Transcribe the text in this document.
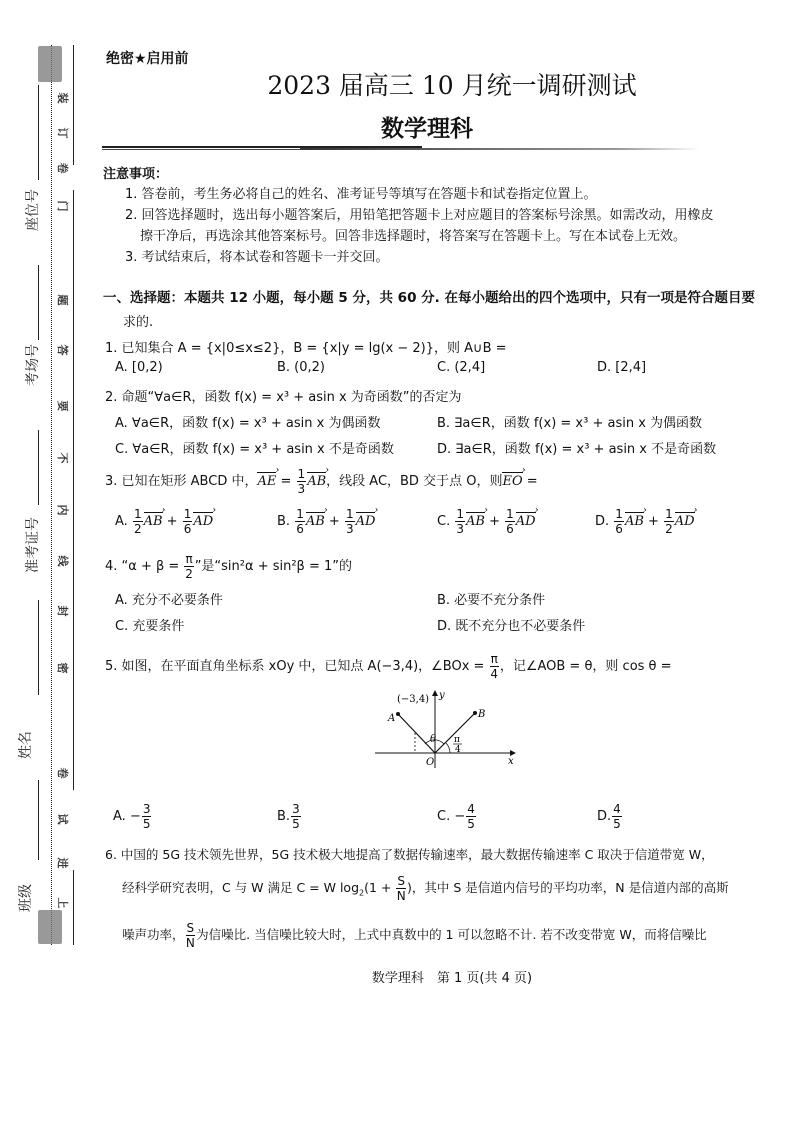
装
订
卷
门
题
答
要
不
内
线
封
密
卷
试
进
上
座位号
考场号
准考证号
姓名
班级
绝密★启用前
2023 届高三 10 月统一调研测试
数学理科
注意事项：
1. 答卷前，考生务必将自己的姓名、准考证号等填写在答题卡和试卷指定位置上。
2. 回答选择题时，选出每小题答案后，用铅笔把答题卡上对应题目的答案标号涂黑。如需改动，用橡皮
擦干净后，再选涂其他答案标号。回答非选择题时，将答案写在答题卡上。写在本试卷上无效。
3. 考试结束后，将本试卷和答题卡一并交回。
一、选择题：本题共 12 小题，每小题 5 分，共 60 分. 在每小题给出的四个选项中，只有一项是符合题目要
求的.
1. 已知集合 A = {x|0≤x≤2}，B = {x|y = lg(x − 2)}，则 A∪B =
A. [0,2)	B. (0,2)	C. (2,4]	D. [2,4]
2. 命题“∀a∈R，函数 f(x) = x³ + asin x 为奇函数”的否定为
A. ∀a∈R，函数 f(x) = x³ + asin x 为偶函数	B. ∃a∈R，函数 f(x) = x³ + asin x 为偶函数
C. ∀a∈R，函数 f(x) = x³ + asin x 不是奇函数	D. ∃a∈R，函数 f(x) = x³ + asin x 不是奇函数
3. 已知在矩形 ABCD 中，AE › = $\frac{1}{3}$ AB ›，线段 AC，BD 交于点 O，则EO › =
A. $\frac{1}{2}$ AB › + $\frac{1}{6}$ AD ›	B. $\frac{1}{6}$ AB › + $\frac{1}{3}$ AD ›	C. $\frac{1}{3}$ AB › + $\frac{1}{6}$ AD ›	D. $\frac{1}{6}$ AB › + $\frac{1}{2}$ AD ›
4. “$\alpha + \beta = \frac{\pi}{2}$ ”是“sin²α + sin²β = 1”的
A. 充分不必要条件	B. 必要不充分条件
C. 充要条件	D. 既不充分也不必要条件
5. 如图，在平面直角坐标系 xOy 中，已知点 A(−3,4)，∠BOx = $\frac{\pi}{4}$ ，记∠AOB = θ，则 cos θ =
(−3,4)
A	B
O	x
y
θ π
4
A. − $\frac{3}{5}$	B. $\frac{3}{5}$	C. − $\frac{4}{5}$	D. $\frac{4}{5}$
6. 中国的 5G 技术领先世界，5G 技术极大地提高了数据传输速率，最大数据传输速率 C 取决于信道带宽 W，
经科学研究表明，C 与 W 满足 C = W $\log_2(1 + \frac{S}{N}$ )，其中 S 是信道内信号的平均功率，N 是信道内部的高斯
噪声功率， $\frac{S}{N}$ 为信噪比. 当信噪比较大时，上式中真数中的 1 可以忽略不计. 若不改变带宽 W，而将信噪比
数学理科　第 1 页(共 4 页)
